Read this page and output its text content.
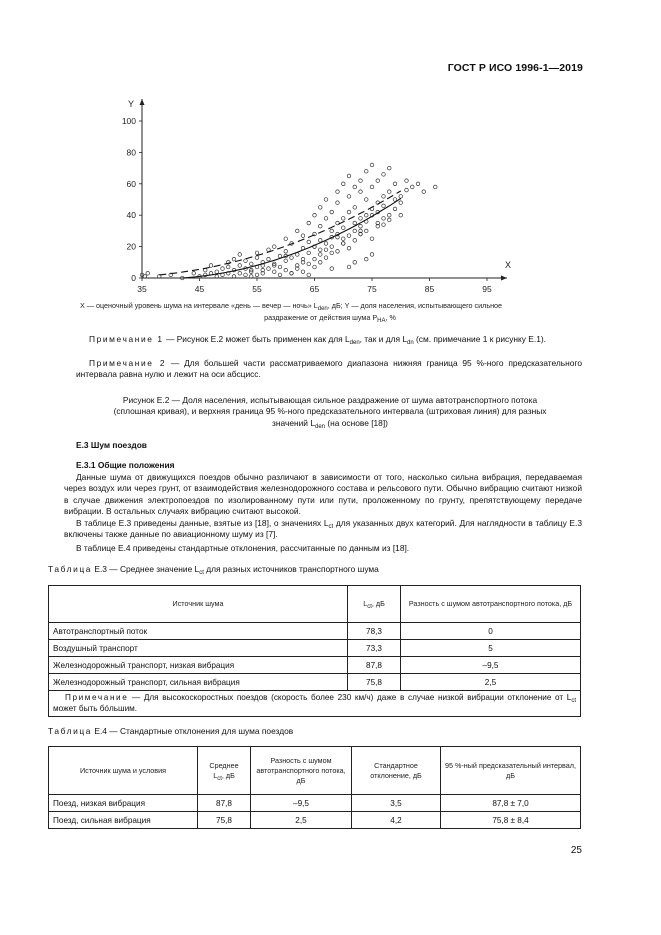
ГОСТ Р ИСО 1996-1—2019
X
Y
35	45	55	65	75	85	95
0
20
40
60
80
100
X — оценочный уровень шума на интервале «день — вечер — ночь» $L_{den}$, дБ; Y — доля населения, испытывающего сильное
раздражение от действия шума $P_{HA}$, %
Примечание 1 — Рисунок Е.2 может быть применен как для $L_{den}$, так и для $L_{dn}$ (см. примечание 1 к рисунку Е.1).
Примечание 2 — Для большей части рассматриваемого диапазона нижняя граница 95 %-ного предсказательного интервала равна нулю и лежит на оси абсцисс.
Рисунок Е.2 — Доля населения, испытывающая сильное раздражение от шума автотранспортного потока
(сплошная кривая), и верхняя граница 95 %-ного предсказательного интервала (штриховая линия) для разных
значений $L_{den}$ (на основе [18])
Е.3 Шум поездов
Е.3.1 Общие положения
Данные шума от движущихся поездов обычно различают в зависимости от того, насколько сильна вибрация, передаваемая через воздух или через грунт, от взаимодействия железнодорожного состава и рельсового пути. Обычно вибрацию считают низкой в случае движения электропоездов по изолированному пути или пути, проложенному по грунту, препятствующему передаче вибрации. В остальных случаях вибрацию считают высокой.
В таблице Е.3 приведены данные, взятые из [18], о значениях $L_{ct}$ для указанных двух категорий. Для наглядности в таблицу Е.3 включены также данные по авиационному шуму из [7].
В таблице Е.4 приведены стандартные отклонения, рассчитанные по данным из [18].
Таблица Е.3 — Среднее значение $L_{ct}$ для разных источников транспортного шума
Источник шума	$L_{ct}$, дБ	Разность с шумом автотранспортного потока, дБ
Автотранспортный поток	78,3	0
Воздушный транспорт	73,3	5
Железнодорожный транспорт, низкая вибрация	87,8	–9,5
Железнодорожный транспорт, сильная вибрация	75,8	2,5
Примечание — Для высокоскоростных поездов (скорость более 230 км/ч) даже в случае низкой вибрации отклонение от $L_{ct}$ может быть бóльшим.		
Таблица Е.4 — Стандартные отклонения для шума поездов
Источник шума и условия	Среднее
$L_{ct}$, дБ	Разность с шумом автотранспортного потока, дБ	Стандартное отклонение, дБ	95 %-ный предсказательный интервал, дБ
Поезд, низкая вибрация	87,8	–9,5	3,5	87,8 ± 7,0
Поезд, сильная вибрация	75,8	2,5	4,2	75,8 ± 8,4
25
